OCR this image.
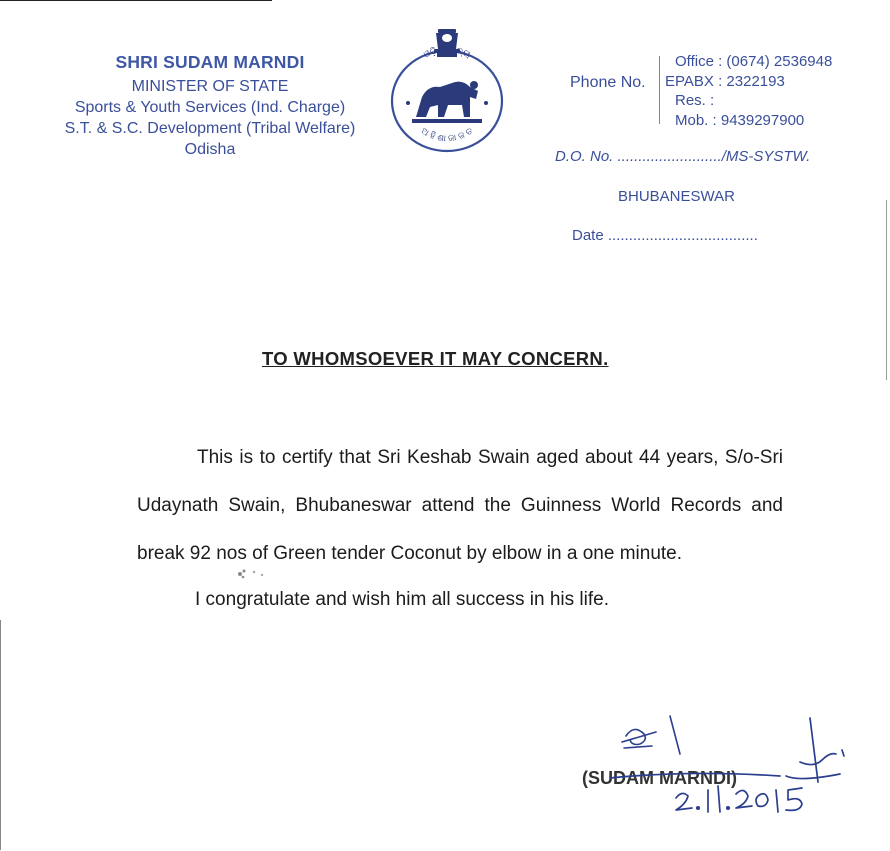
SHRI SUDAM MARNDI
MINISTER OF STATE
Sports & Youth Services (Ind. Charge)
S.T. & S.C. Development (Tribal Welfare)
Odisha
ଓଡ଼ିଶା ରାଜ୍ୟ
ଅ ହି ଶା ଜା ଜ ତ
Phone No.
Office : (0674) 2536948
EPABX : 2322193
Res. :
Mob. : 9439297900
D.O. No. ........................./MS-SYSTW.
BHUBANESWAR
Date ....................................
TO WHOMSOEVER IT MAY CONCERN.

This is to certify that Sri Keshab Swain aged about 44 years, S/o-Sri Udaynath Swain, Bhubaneswar attend the Guinness World Records and break 92 nos of Green tender Coconut by elbow in a one minute.

I congratulate and wish him all success in his life.

(SUDAM MARNDI)
